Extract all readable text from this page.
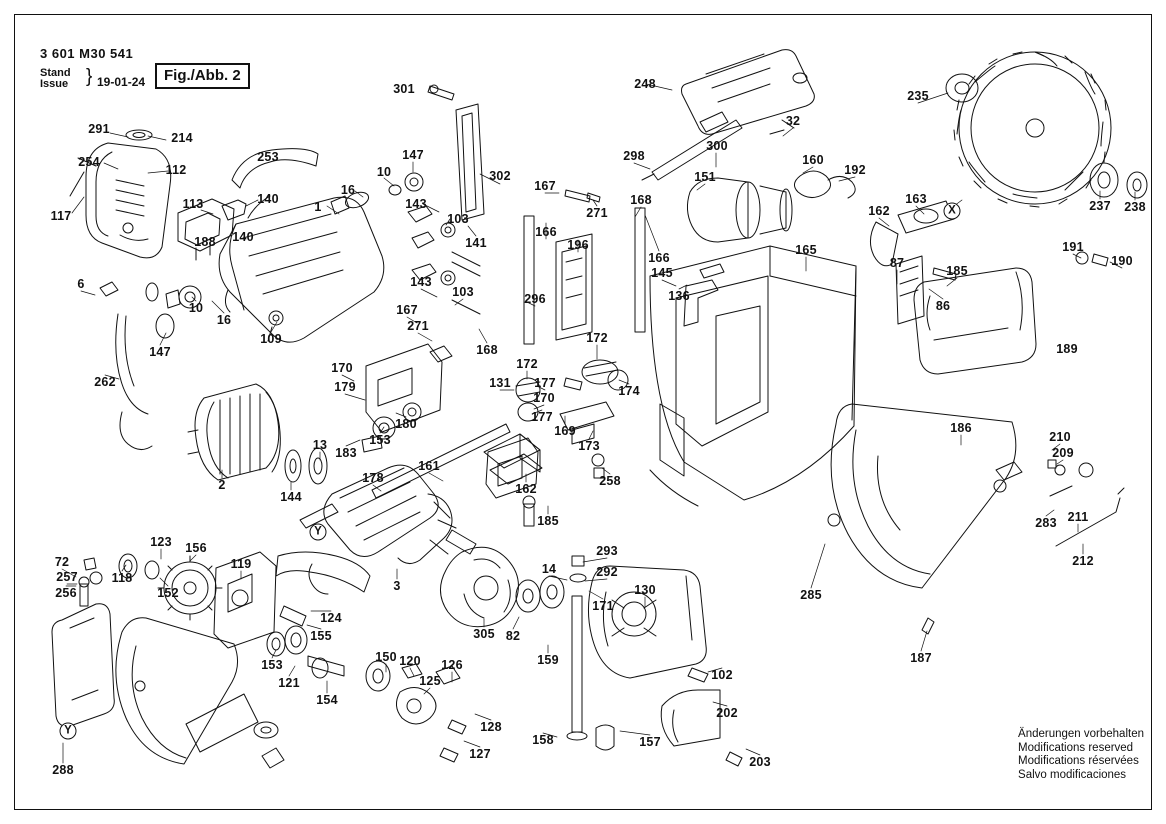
3 601 M30 541
Stand
Issue } 19-01-24	Fig./Abb. 2
Änderungen vorbehalten
Modifications reserved
Modifications réservées
Salvo modificaciones
301	248
235
291
214
254
112
32
298
300
160
192
253	147
10	151
167
117
113	140
16
1
302
143
103	271
168
162
163	237 238
188 140	141
166
196
166
165	191
190
87
185
145
136
86
6	143
103	296
10
16
109
167
271
168
147	189
170
179
172
172
131 177
174
262
170
177
180	169
173
186
210
209
153
183
13
2
144
178
161
162
258
283 211
212
185
285
187
123 156
119
72
257	118
152
256
293
14	292
171
130
124
155
153
121
154
150 120
125
126
305 82
159
102
202
128
127
158	157
203
288
3
X
Y
Y
